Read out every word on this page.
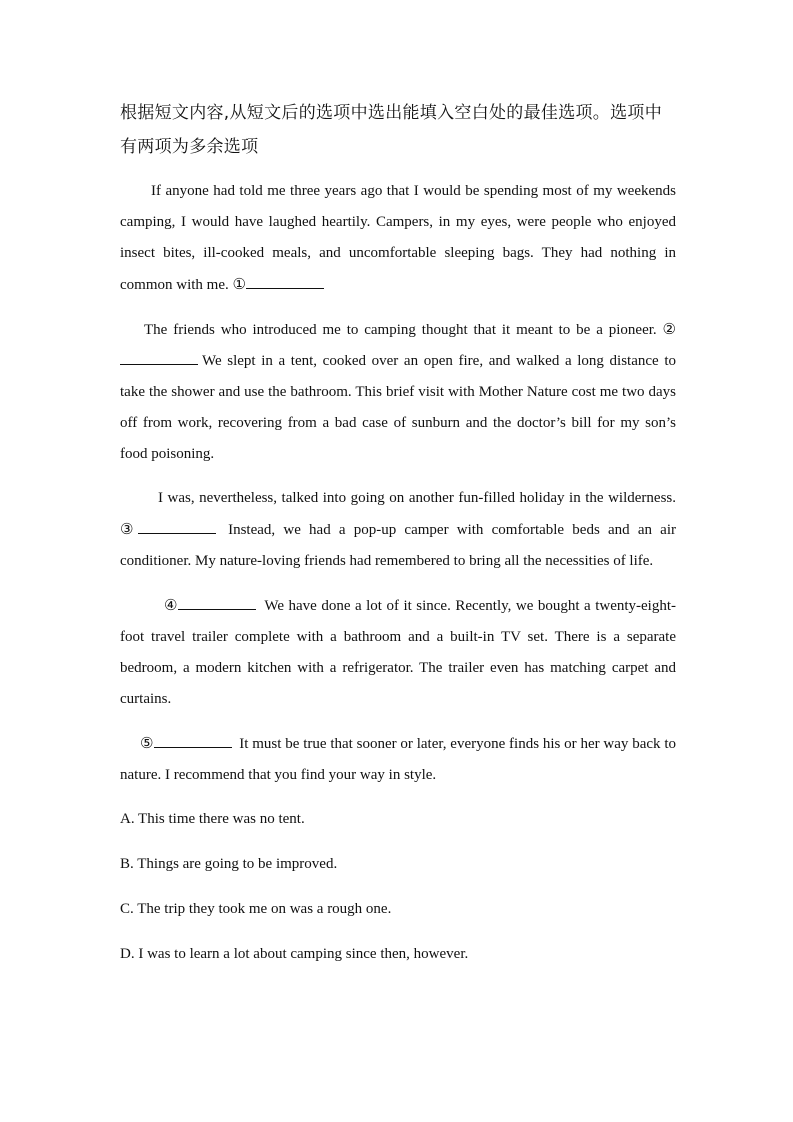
根据短文内容,从短文后的选项中选出能填入空白处的最佳选项。选项中有两项为多余选项

If anyone had told me three years ago that I would be spending most of my weekends camping, I would have laughed heartily. Campers, in my eyes, were people who enjoyed insect bites, ill-cooked meals, and uncomfortable sleeping bags. They had nothing in common with me. ①

The friends who introduced me to camping thought that it meant to be a pioneer. ②We slept in a tent, cooked over an open fire, and walked a long distance to take the shower and use the bathroom. This brief visit with Mother Nature cost me two days off from work, recovering from a bad case of sunburn and the doctor’s bill for my son’s food poisoning.

I was, nevertheless, talked into going on another fun-filled holiday in the wilderness. ③	Instead, we had a pop-up camper with comfortable beds and an air conditioner. My nature-loving friends had remembered to bring all the necessities of life.

④	We have done a lot of it since. Recently, we bought a twenty-eight-foot travel trailer complete with a bathroom and a built-in TV set. There is a separate bedroom, a modern kitchen with a refrigerator. The trailer even has matching carpet and curtains.

⑤	It must be true that sooner or later, everyone finds his or her way back to nature. I recommend that you find your way in style.

A. This time there was no tent.

B. Things are going to be improved.

C. The trip they took me on was a rough one.

D. I was to learn a lot about camping since then, however.
